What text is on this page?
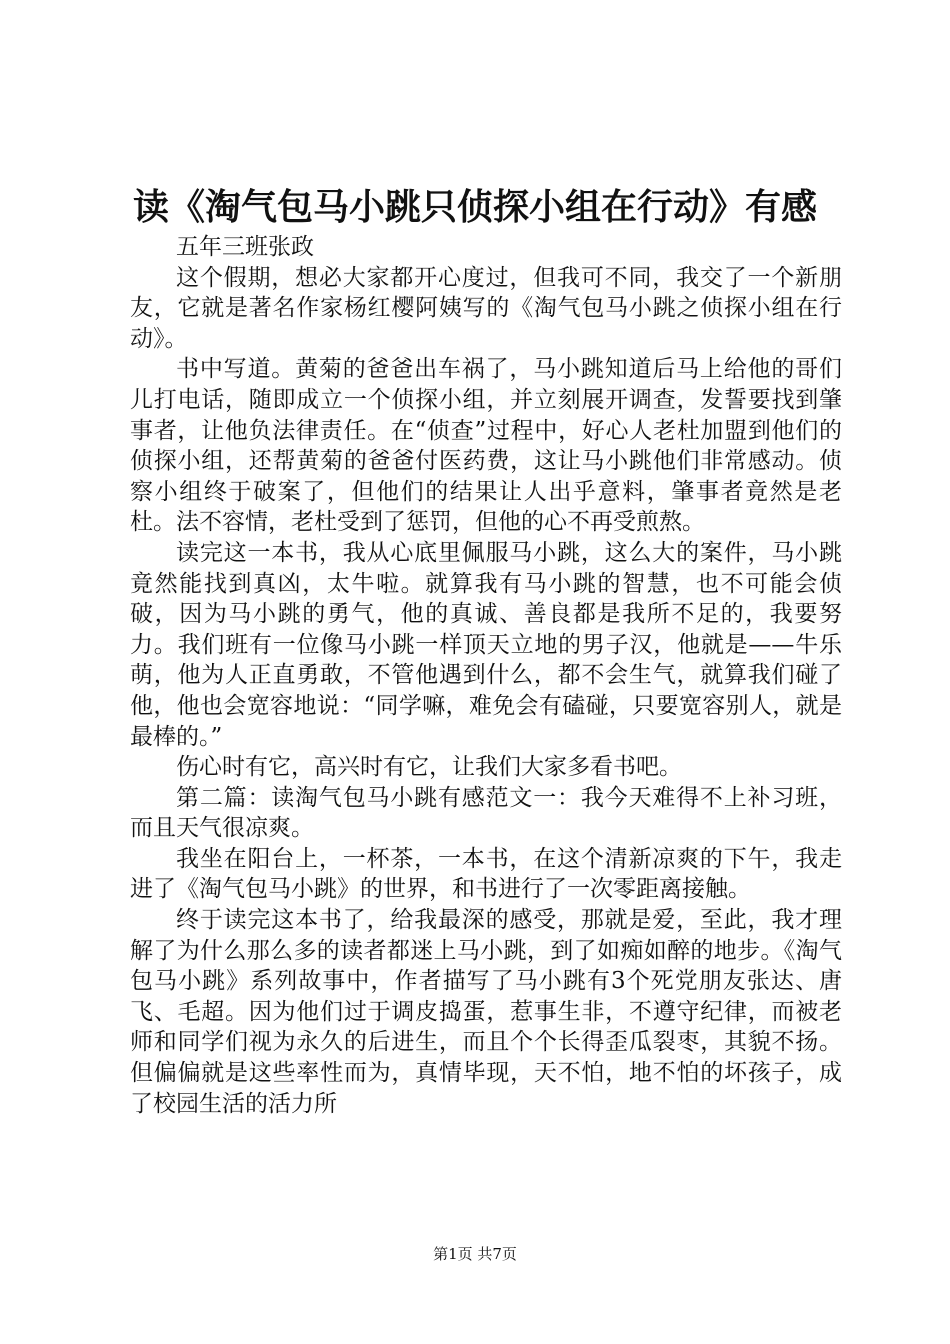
读《淘气包马小跳只侦探小组在行动》有感

五年三班张政

这个假期，想必大家都开心度过，但我可不同，我交了一个新朋友，它就是著名作家杨红樱阿姨写的《淘气包马小跳之侦探小组在行动》。

书中写道。黄菊的爸爸出车祸了，马小跳知道后马上给他的哥们儿打电话，随即成立一个侦探小组，并立刻展开调查，发誓要找到肇事者，让他负法律责任。在“侦查”过程中，好心人老杜加盟到他们的侦探小组，还帮黄菊的爸爸付医药费，这让马小跳他们非常感动。侦察小组终于破案了，但他们的结果让人出乎意料，肇事者竟然是老杜。法不容情，老杜受到了惩罚，但他的心不再受煎熬。

读完这一本书，我从心底里佩服马小跳，这么大的案件，马小跳竟然能找到真凶，太牛啦。就算我有马小跳的智慧，也不可能会侦破，因为马小跳的勇气，他的真诚、善良都是我所不足的，我要努力。我们班有一位像马小跳一样顶天立地的男子汉，他就是——牛乐萌，他为人正直勇敢，不管他遇到什么，都不会生气，就算我们碰了他，他也会宽容地说：“同学嘛，难免会有磕碰，只要宽容别人，就是最棒的。”

伤心时有它，高兴时有它，让我们大家多看书吧。

第二篇：读淘气包马小跳有感范文一：我今天难得不上补习班，而且天气很凉爽。

我坐在阳台上，一杯茶，一本书，在这个清新凉爽的下午，我走进了《淘气包马小跳》的世界，和书进行了一次零距离接触。

终于读完这本书了，给我最深的感受，那就是爱，至此，我才理解了为什么那么多的读者都迷上马小跳，到了如痴如醉的地步。《淘气包马小跳》系列故事中，作者描写了马小跳有3个死党朋友张达、唐飞、毛超。因为他们过于调皮捣蛋，惹事生非，不遵守纪律，而被老师和同学们视为永久的后进生，而且个个长得歪瓜裂枣，其貌不扬。但偏偏就是这些率性而为，真情毕现，天不怕，地不怕的坏孩子，成了校园生活的活力所

第1页 共7页
